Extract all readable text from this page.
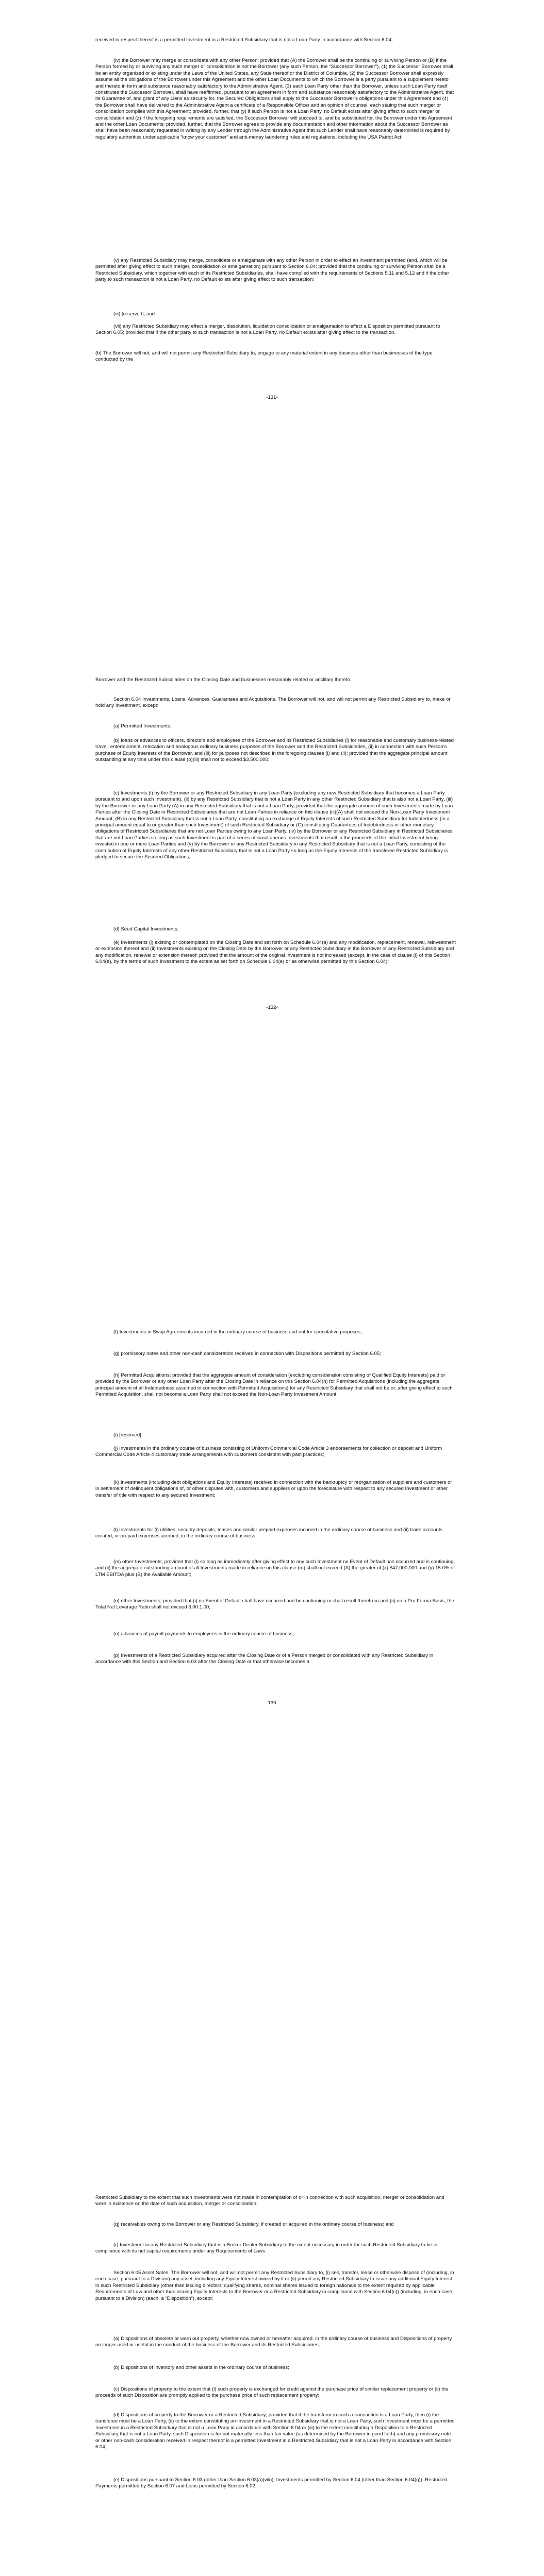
received in respect thereof is a permitted Investment in a Restricted Subsidiary that is not a Loan Party in accordance with Section 6.04;

(iv) the Borrower may merge or consolidate with any other Person; provided that (A) the Borrower shall be the continuing or surviving Person or (B) if the Person formed by or surviving any such merger or consolidation is not the Borrower (any such Person, the “Successor Borrower”), (1) the Successor Borrower shall be an entity organized or existing under the Laws of the United States, any State thereof or the District of Columbia, (2) the Successor Borrower shall expressly assume all the obligations of the Borrower under this Agreement and the other Loan Documents to which the Borrower is a party pursuant to a supplement hereto and thereto in form and substance reasonably satisfactory to the Administrative Agent, (3) each Loan Party other than the Borrower, unless such Loan Party itself constitutes the Successor Borrower, shall have reaffirmed, pursuant to an agreement in form and substance reasonably satisfactory to the Administrative Agent, that its Guarantee of, and grant of any Liens as security for, the Secured Obligations shall apply to the Successor Borrower’s obligations under this Agreement and (4) the Borrower shall have delivered to the Administrative Agent a certificate of a Responsible Officer and an opinion of counsel, each stating that such merger or consolidation complies with this Agreement; provided, further, that (y) if such Person is not a Loan Party, no Default exists after giving effect to such merger or consolidation and (z) if the foregoing requirements are satisfied, the Successor Borrower will succeed to, and be substituted for, the Borrower under this Agreement and the other Loan Documents; provided, further, that the Borrower agrees to provide any documentation and other information about the Successor Borrower as shall have been reasonably requested in writing by any Lender through the Administrative Agent that such Lender shall have reasonably determined is required by regulatory authorities under applicable “know your customer” and anti-money laundering rules and regulations, including the USA Patriot Act;

(v) any Restricted Subsidiary may merge, consolidate or amalgamate with any other Person in order to effect an Investment permitted (and, which will be permitted after giving effect to such merger, consolidation or amalgamation) pursuant to Section 6.04; provided that the continuing or surviving Person shall be a Restricted Subsidiary, which together with each of its Restricted Subsidiaries, shall have complied with the requirements of Sections 5.11 and 5.12 and if the other party to such transaction is not a Loan Party, no Default exists after giving effect to such transaction;

(vi) [reserved]; and

(vii) any Restricted Subsidiary may effect a merger, dissolution, liquidation consolidation or amalgamation to effect a Disposition permitted pursuant to Section 6.05; provided that if the other party to such transaction is not a Loan Party, no Default exists after giving effect to the transaction.

(b) The Borrower will not, and will not permit any Restricted Subsidiary to, engage to any material extent in any business other than businesses of the type conducted by the

-131-

Borrower and the Restricted Subsidiaries on the Closing Date and businesses reasonably related or ancillary thereto.

Section 6.04 Investments, Loans, Advances, Guarantees and Acquisitions. The Borrower will not, and will not permit any Restricted Subsidiary to, make or hold any Investment, except:

(a) Permitted Investments;

(b) loans or advances to officers, directors and employees of the Borrower and its Restricted Subsidiaries (i) for reasonable and customary business-related travel, entertainment, relocation and analogous ordinary business purposes of the Borrower and the Restricted Subsidiaries, (ii) in connection with such Person’s purchase of Equity Interests of the Borrower, and (iii) for purposes not described in the foregoing clauses (i) and (ii); provided that the aggregate principal amount outstanding at any time under this clause (b)(iii) shall not to exceed $3,500,000;

(c) Investments (i) by the Borrower or any Restricted Subsidiary in any Loan Party (excluding any new Restricted Subsidiary that becomes a Loan Party pursuant to and upon such Investment), (ii) by any Restricted Subsidiary that is not a Loan Party in any other Restricted Subsidiary that is also not a Loan Party, (iii) by the Borrower or any Loan Party (A) in any Restricted Subsidiary that is not a Loan Party; provided that the aggregate amount of such Investments made by Loan Parties after the Closing Date in Restricted Subsidiaries that are not Loan Parties in reliance on this clause (iii)(A) shall not exceed the Non-Loan Party Investment Amount, (B) in any Restricted Subsidiary that is not a Loan Party, constituting an exchange of Equity Interests of such Restricted Subsidiary for Indebtedness (in a principal amount equal to or greater than such Investment) of such Restricted Subsidiary or (C) constituting Guarantees of Indebtedness or other monetary obligations of Restricted Subsidiaries that are not Loan Parties owing to any Loan Party, (iv) by the Borrower or any Restricted Subsidiary in Restricted Subsidiaries that are not Loan Parties so long as such Investment is part of a series of simultaneous Investments that result in the proceeds of the initial Investment being invested in one or more Loan Parties and (v) by the Borrower or any Restricted Subsidiary in any Restricted Subsidiary that is not a Loan Party, consisting of the contribution of Equity Interests of any other Restricted Subsidiary that is not a Loan Party so long as the Equity Interests of the transferee Restricted Subsidiary is pledged to secure the Secured Obligations;

(d) Seed Capital Investments;

(e) Investments (i) existing or contemplated on the Closing Date and set forth on Schedule 6.04(a) and any modification, replacement, renewal, reinvestment or extension thereof and (ii) Investments existing on the Closing Date by the Borrower or any Restricted Subsidiary in the Borrower or any Restricted Subsidiary and any modification, renewal or extension thereof; provided that the amount of the original Investment is not increased (except, in the case of clause (i) of this Section 6.04(e), by the terms of such Investment to the extent as set forth on Schedule 6.04(e) or as otherwise permitted by this Section 6.04);

-132-

(f) Investments in Swap Agreements incurred in the ordinary course of business and not for speculative purposes;

(g) promissory notes and other non-cash consideration received in connection with Dispositions permitted by Section 6.05;

(h) Permitted Acquisitions; provided that the aggregate amount of consideration (excluding consideration consisting of Qualified Equity Interests) paid or provided by the Borrower or any other Loan Party after the Closing Date in reliance on this Section 6.04(h) for Permitted Acquisitions (including the aggregate principal amount of all Indebtedness assumed in connection with Permitted Acquisitions) for any Restricted Subsidiary that shall not be or, after giving effect to such Permitted Acquisition, shall not become a Loan Party shall not exceed the Non-Loan Party Investment Amount;

(i) [reserved];

(j) Investments in the ordinary course of business consisting of Uniform Commercial Code Article 3 endorsements for collection or deposit and Uniform Commercial Code Article 4 customary trade arrangements with customers consistent with past practices;

(k) Investments (including debt obligations and Equity Interests) received in connection with the bankruptcy or reorganization of suppliers and customers or in settlement of delinquent obligations of, or other disputes with, customers and suppliers or upon the foreclosure with respect to any secured Investment or other transfer of title with respect to any secured Investment;

(l) Investments for (i) utilities, security deposits, leases and similar prepaid expenses incurred in the ordinary course of business and (ii) trade accounts created, or prepaid expenses accrued, in the ordinary course of business;

(m) other Investments; provided that (i) so long as immediately after giving effect to any such Investment no Event of Default has occurred and is continuing, and (ii) the aggregate outstanding amount of all Investments made in reliance on this clause (m) shall not exceed (A) the greater of (x) $47,000,000 and (y) 15.0% of LTM EBITDA plus (B) the Available Amount;

(n) other Investments; provided that (i) no Event of Default shall have occurred and be continuing or shall result therefrom and (ii) on a Pro Forma Basis, the Total Net Leverage Ratio shall not exceed 3.00:1.00;

(o) advances of payroll payments to employees in the ordinary course of business;

(p) Investments of a Restricted Subsidiary acquired after the Closing Date or of a Person merged or consolidated with any Restricted Subsidiary in accordance with this Section and Section 6.03 after the Closing Date or that otherwise becomes a

-133-

Restricted Subsidiary to the extent that such Investments were not made in contemplation of or in connection with such acquisition, merger or consolidation and were in existence on the date of such acquisition, merger or consolidation;

(q) receivables owing to the Borrower or any Restricted Subsidiary, if created or acquired in the ordinary course of business; and

(r) Investment in any Restricted Subsidiary that is a Broker-Dealer Subsidiary to the extent necessary in order for such Restricted Subsidiary to be in compliance with its net capital requirements under any Requirements of Laws.

Section 6.05 Asset Sales. The Borrower will not, and will not permit any Restricted Subsidiary to, (i) sell, transfer, lease or otherwise dispose of (including, in each case, pursuant to a Division) any asset, including any Equity Interest owned by it or (ii) permit any Restricted Subsidiary to issue any additional Equity Interest in such Restricted Subsidiary (other than issuing directors’ qualifying shares, nominal shares issued to foreign nationals to the extent required by applicable Requirements of Law and other than issuing Equity Interests to the Borrower or a Restricted Subsidiary in compliance with Section 6.04(c)) (including, in each case, pursuant to a Division) (each, a “Disposition”), except:

(a) Dispositions of obsolete or worn out property, whether now owned or hereafter acquired, in the ordinary course of business and Dispositions of property no longer used or useful in the conduct of the business of the Borrower and its Restricted Subsidiaries;

(b) Dispositions of inventory and other assets in the ordinary course of business;

(c) Dispositions of property to the extent that (i) such property is exchanged for credit against the purchase price of similar replacement property or (ii) the proceeds of such Disposition are promptly applied to the purchase price of such replacement property;

(d) Dispositions of property to the Borrower or a Restricted Subsidiary; provided that if the transferor in such a transaction is a Loan Party, then (i) the transferee must be a Loan Party, (ii) to the extent constituting an Investment in a Restricted Subsidiary that is not a Loan Party, such Investment must be a permitted Investment in a Restricted Subsidiary that is not a Loan Party in accordance with Section 6.04 or (iii) to the extent constituting a Disposition to a Restricted Subsidiary that is not a Loan Party, such Disposition is for not materially less than fair value (as determined by the Borrower in good faith) and any promissory note or other non-cash consideration received in respect thereof is a permitted Investment in a Restricted Subsidiary that is not a Loan Party in accordance with Section 6.04;

(e) Dispositions pursuant to Section 6.03 (other than Section 6.03(a)(viii)), Investments permitted by Section 6.04 (other than Section 6.04(g)), Restricted Payments permitted by Section 6.07 and Liens permitted by Section 6.02;
